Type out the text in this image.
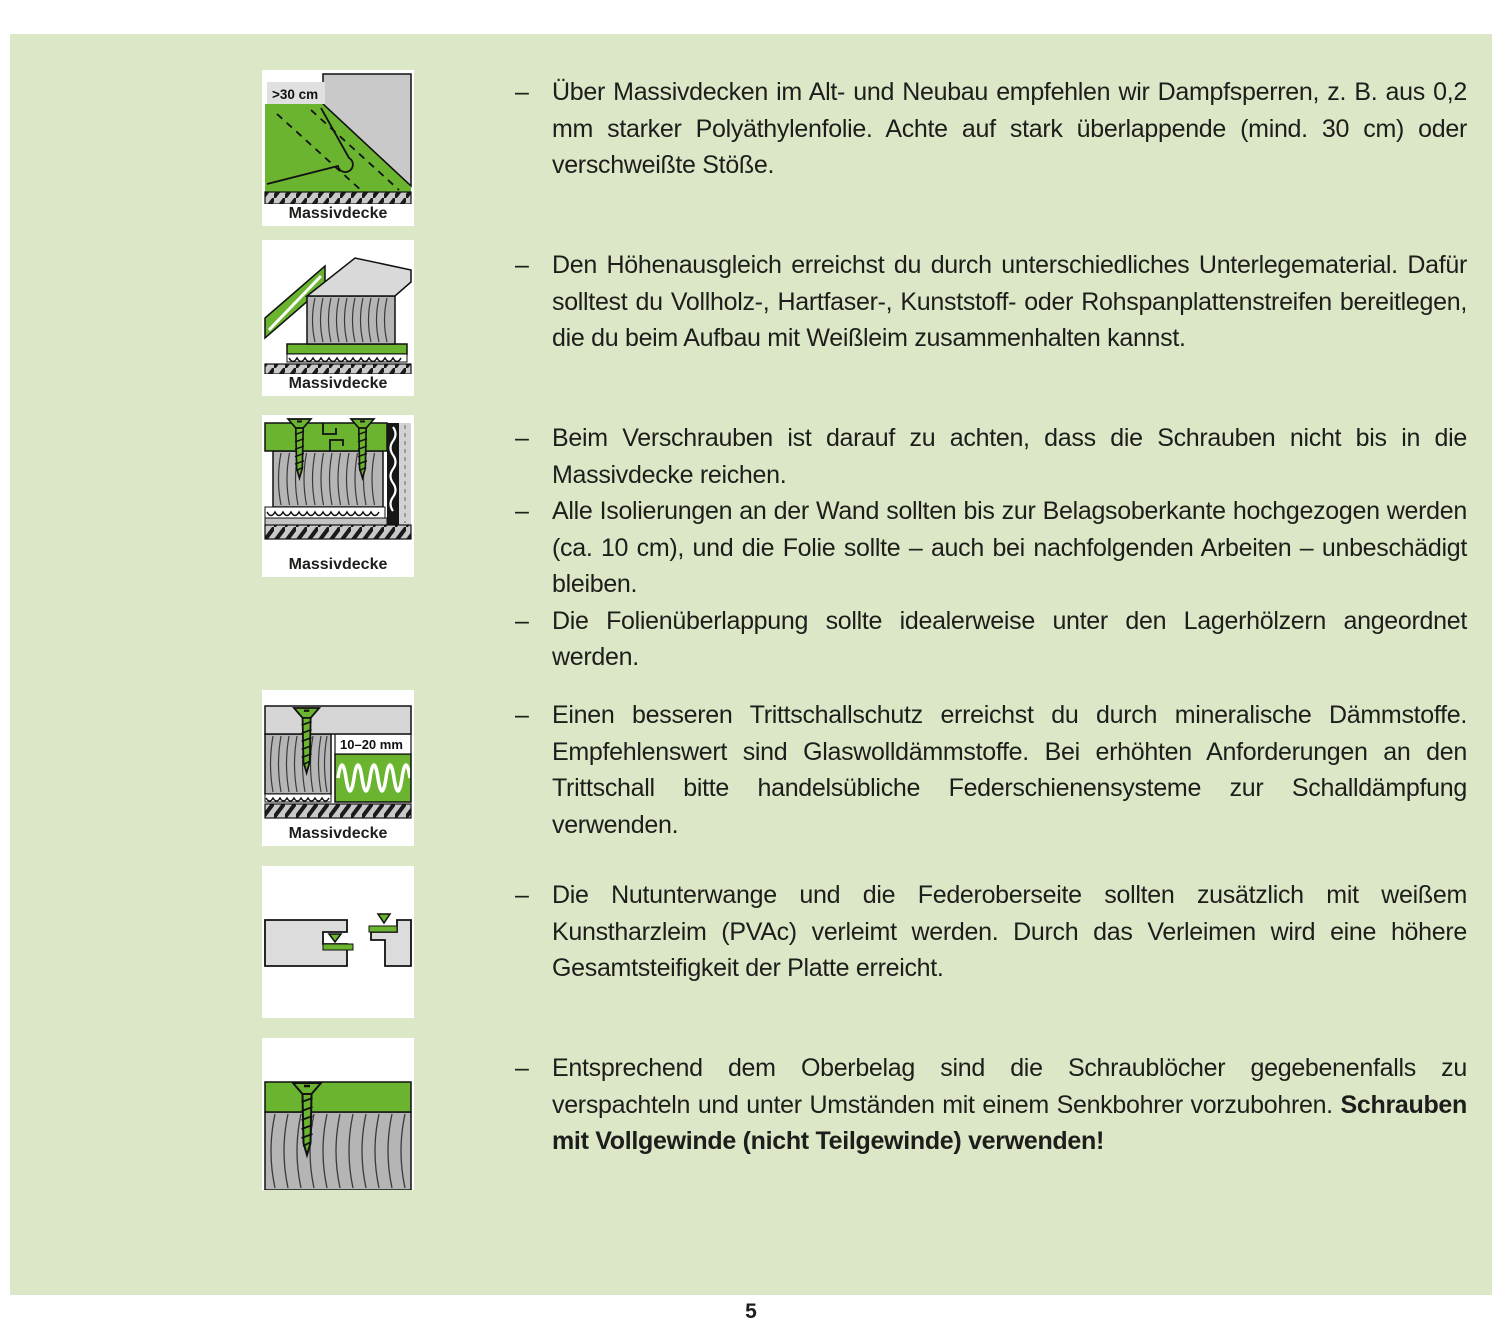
>30 cm
Massivdecke
Massivdecke
Massivdecke
10–20 mm
Massivdecke
– Über Massivdecken im Alt- und Neubau empfehlen wir Dampfsperren, z. B. aus 0,2 mm starker Polyäthylenfolie. Achte auf stark überlappende (mind. 30 cm) oder verschweißte Stöße.

– Den Höhenausgleich erreichst du durch unterschiedliches Unterlegematerial. Dafür solltest du Vollholz-, Hartfaser-, Kunststoff- oder Rohspanplattenstreifen bereitlegen, die du beim Aufbau mit Weißleim zusammenhalten kannst.

– Beim Verschrauben ist darauf zu achten, dass die Schrauben nicht bis in die Massivdecke reichen.

– Alle Isolierungen an der Wand sollten bis zur Belagsoberkante hochgezogen werden (ca. 10 cm), und die Folie sollte – auch bei nachfolgenden Arbeiten – unbeschädigt bleiben.

– Die Folienüberlappung sollte idealerweise unter den Lagerhölzern angeordnet werden.

– Einen besseren Trittschallschutz erreichst du durch mineralische Dämmstoffe. Empfehlenswert sind Glaswolldämmstoffe. Bei erhöhten Anforderungen an den Trittschall bitte handelsübliche Federschienensysteme zur Schalldämpfung verwenden.

– Die Nutunterwange und die Federoberseite sollten zusätzlich mit weißem Kunstharzleim (PVAc) verleimt werden. Durch das Verleimen wird eine höhere Gesamtsteifigkeit der Platte erreicht.

– Entsprechend dem Oberbelag sind die Schraublöcher gegebenenfalls zu verspachteln und unter Umständen mit einem Senkbohrer vorzubohren. Schrauben mit Vollgewinde (nicht Teilgewinde) verwenden!

5
